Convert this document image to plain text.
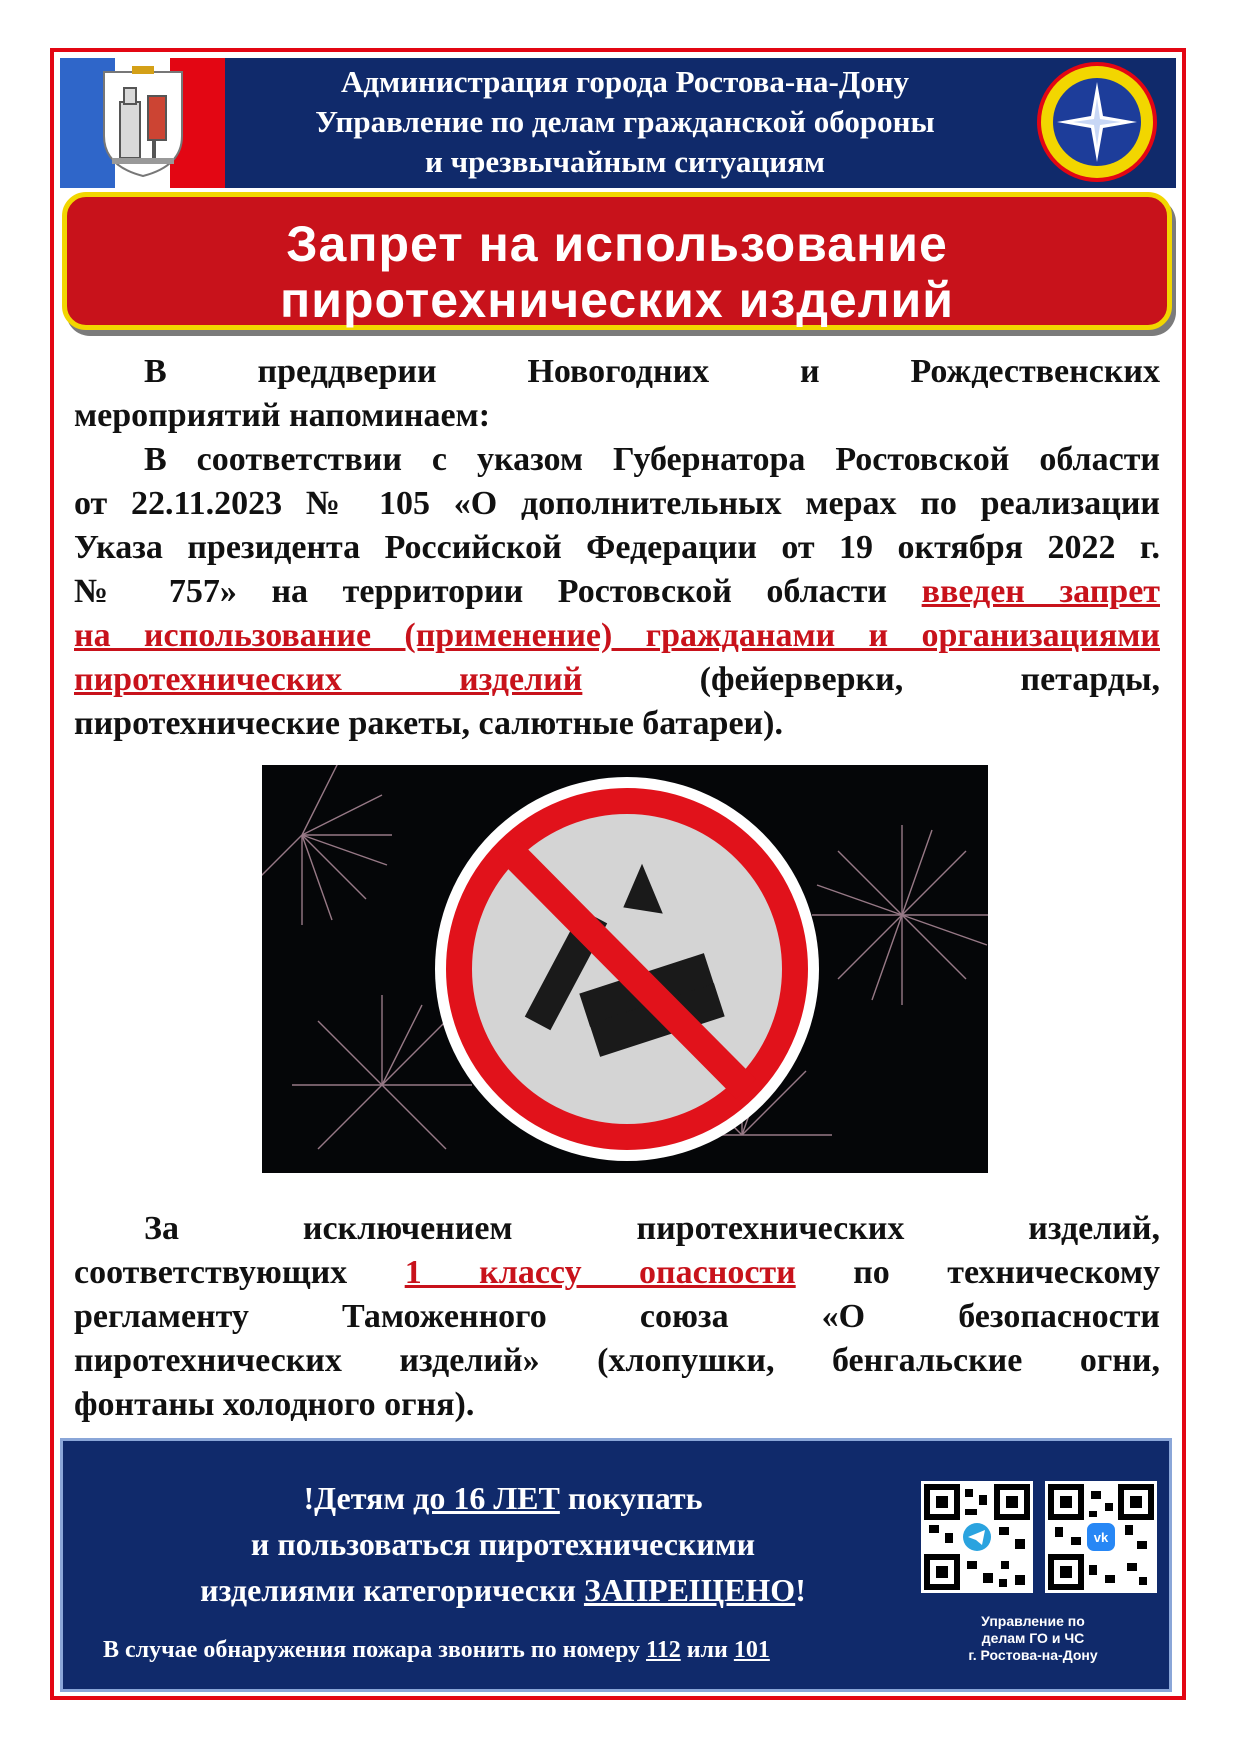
Администрация города Ростова-на-Дону
Управление по делам гражданской обороны
и чрезвычайным ситуациям
Запрет на использование
пиротехнических изделий
В преддверии Новогодних и Рождественских
мероприятий напоминаем:
В соответствии с указом Губернатора Ростовской области
от 22.11.2023 № 105 «О дополнительных мерах по реализации
Указа президента Российской Федерации от 19 октября 2022 г.
№ 757» на территории Ростовской области введен запрет
на использование (применение) гражданами и организациями
пиротехнических изделий	(фейерверки, петарды,
пиротехнические ракеты, салютные батареи).
За исключением пиротехнических изделий,
соответствующих 1 классу опасности по техническому
регламенту Таможенного союза «О безопасности
пиротехнических изделий» (хлопушки, бенгальские огни,
фонтаны холодного огня).
!Детям до 16 ЛЕТ покупать
и пользоваться пиротехническими
изделиями категорически ЗАПРЕЩЕНО!
В случае обнаружения пожара звонить по номеру 112 или 101
vk
Управление по
делам ГО и ЧС
г. Ростова-на-Дону
